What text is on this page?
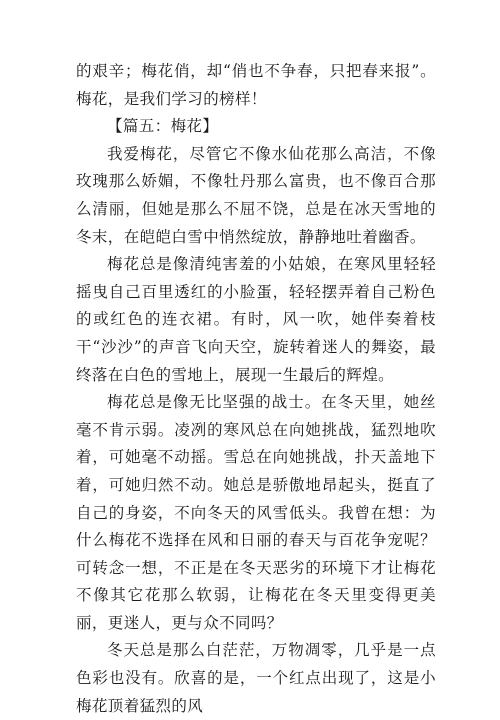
的艰辛；梅花俏，却“俏也不争春，只把春来报”。梅花，是我们学习的榜样！

【篇五：梅花】

我爱梅花，尽管它不像水仙花那么高洁，不像玫瑰那么娇媚，不像牡丹那么富贵，也不像百合那么清丽，但她是那么不屈不饶，总是在冰天雪地的冬末，在皑皑白雪中悄然绽放，静静地吐着幽香。

梅花总是像清纯害羞的小姑娘，在寒风里轻轻摇曳自己百里透红的小脸蛋，轻轻摆弄着自己粉色的或红色的连衣裙。有时，风一吹，她伴奏着枝干“沙沙”的声音飞向天空，旋转着迷人的舞姿，最终落在白色的雪地上，展现一生最后的辉煌。

梅花总是像无比坚强的战士。在冬天里，她丝毫不肯示弱。凌冽的寒风总在向她挑战，猛烈地吹着，可她毫不动摇。雪总在向她挑战，扑天盖地下着，可她归然不动。她总是骄傲地昂起头，挺直了自己的身姿，不向冬天的风雪低头。我曾在想：为什么梅花不选择在风和日丽的春天与百花争宠呢？可转念一想，不正是在冬天恶劣的环境下才让梅花不像其它花那么软弱，让梅花在冬天里变得更美丽，更迷人，更与众不同吗？

冬天总是那么白茫茫，万物凋零，几乎是一点色彩也没有。欣喜的是，一个红点出现了，这是小梅花顶着猛烈的风
